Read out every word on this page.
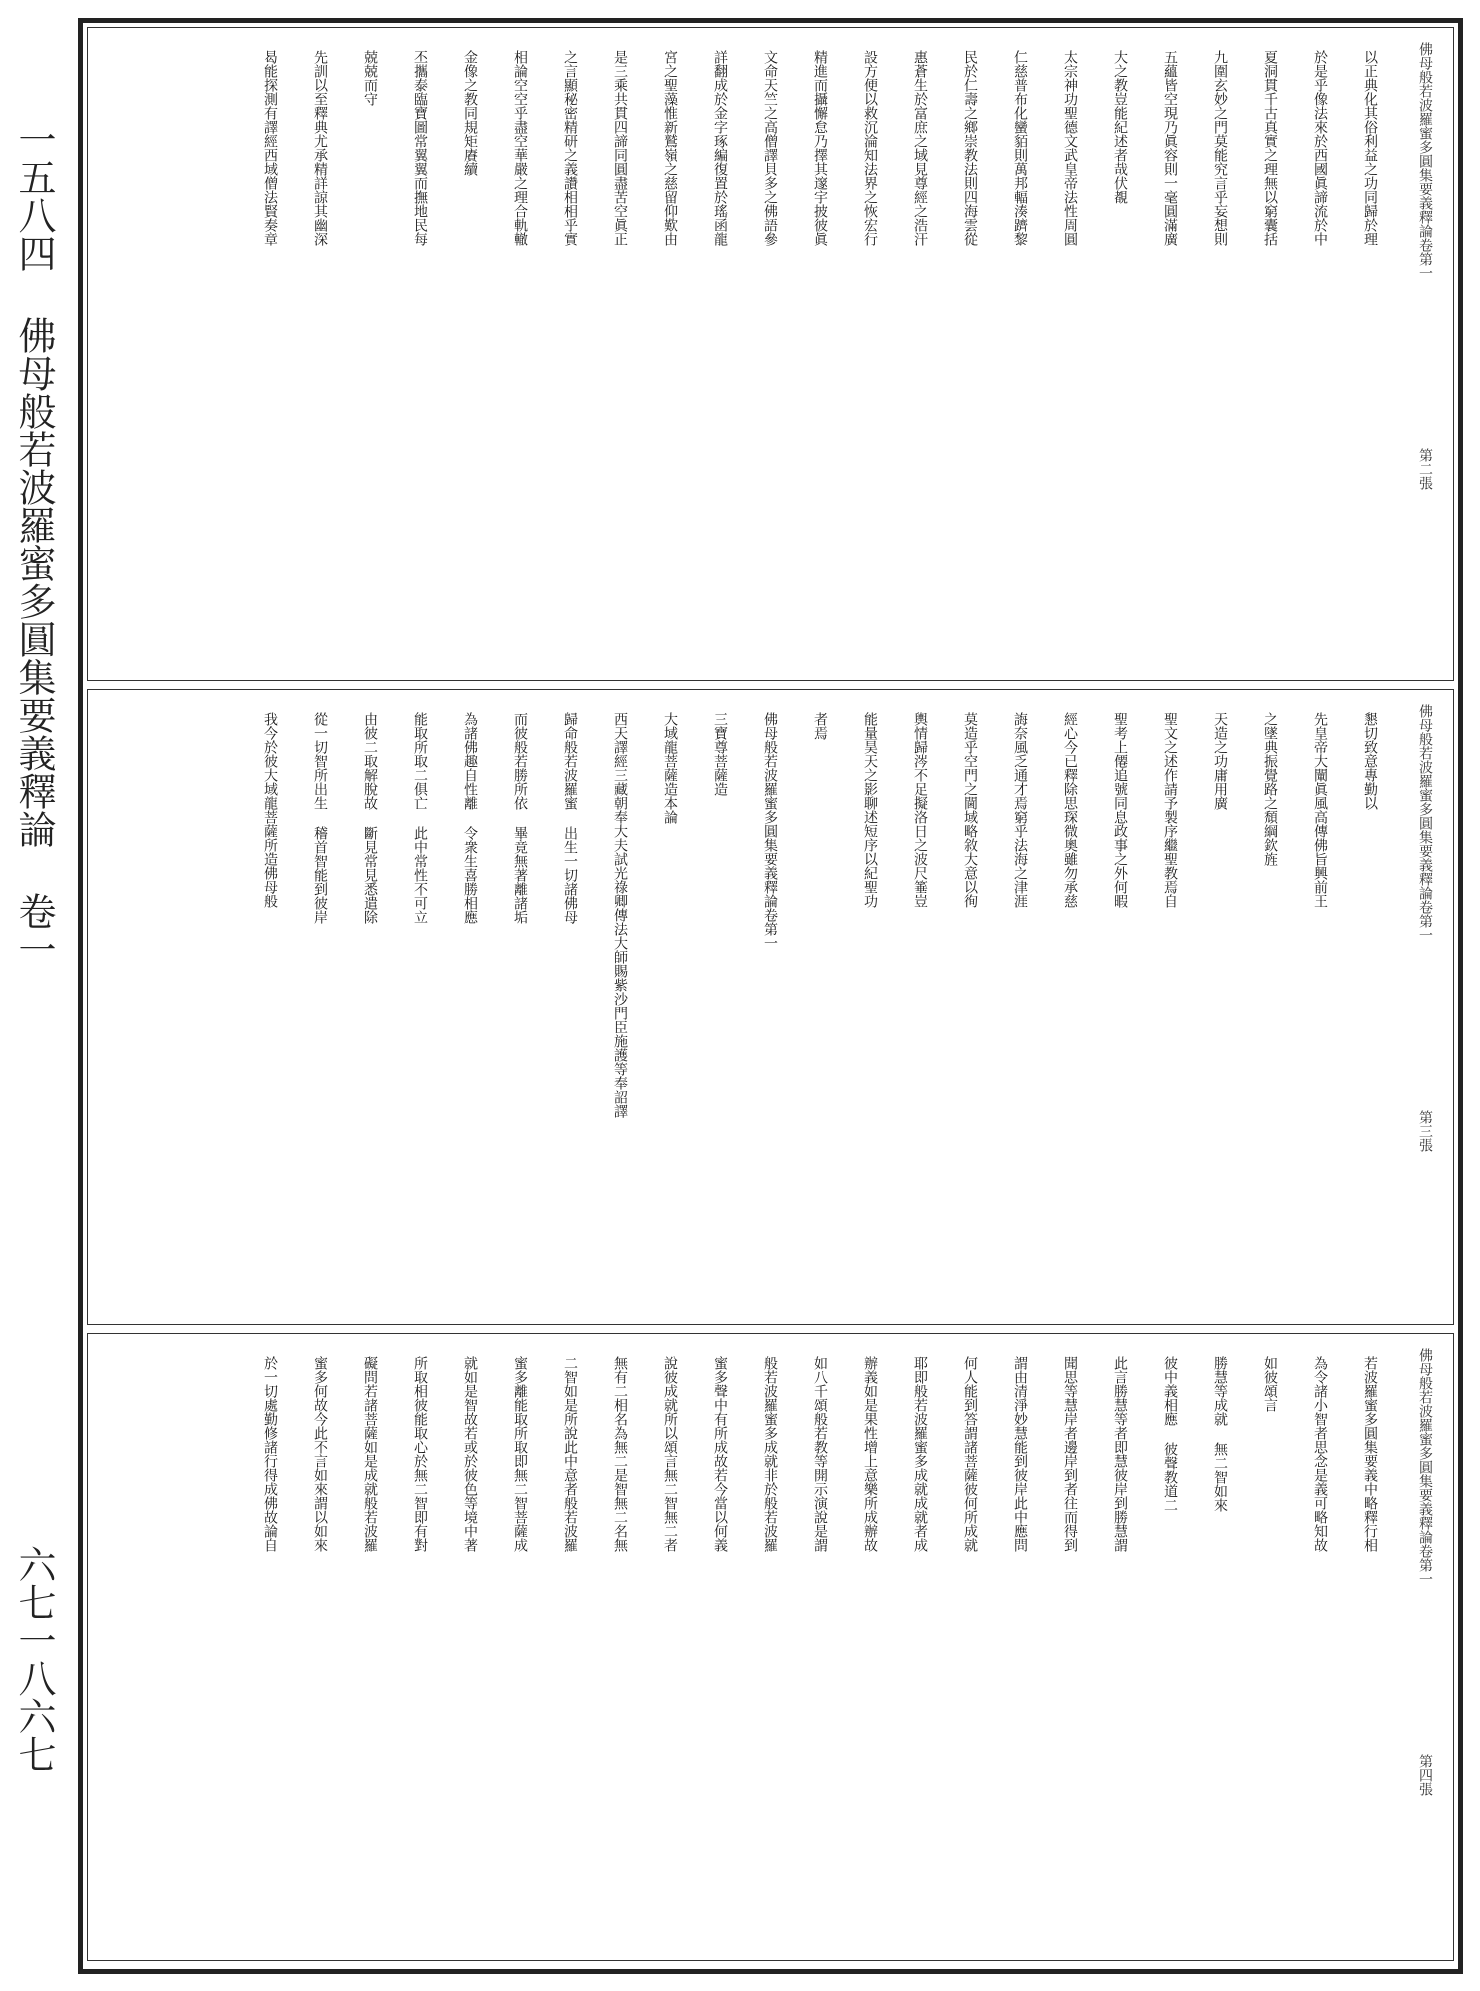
一五八四 佛母般若波羅蜜多圓集要義釋論 卷一
六七一八六七
佛母般若波羅蜜多圓集要義釋論卷第一
第二張
以正典化其俗利益之功同歸於理
於是乎像法來於西國眞諦流於中
夏洞貫千古真實之理無以窮囊括
九圍玄妙之門莫能究言乎妄想則
五蘊皆空現乃眞容則一毫圓滿廣
大之教豈能紀述者哉伏覩
太宗神功聖德文武皇帝法性周圓
仁慈普布化蠻貊則萬邦輻湊躋黎
民於仁壽之鄉崇教法則四海雲從
惠蒼生於富庶之域見尊經之浩汗
設方便以救沉淪知法界之恢宏行
精進而攝懈怠乃擇其邃宇披彼眞
文命天竺之高僧譯貝多之佛語參
詳翻成於金字琢編復置於瑤函龍
宮之聖藻惟新鷲嶺之慈留仰歎由
是三乘共貫四諦同圓盡苦空眞正
之言顯秘密精研之義讚相相乎實
相論空空乎盡空華嚴之理合軌轍
金像之教同規矩賡續
丕攜泰臨寶圖常翼翼而撫地民每
兢兢而守
先訓以至釋典尤承精詳諒其幽深
曷能探測有譯經西域僧法賢奏章
佛母般若波羅蜜多圓集要義釋論卷第一
第三張
懇切致意專勤以
先皇帝大闡眞風高傳佛旨興前王
之墜典振覺路之頹綱欽旌
天造之功庸用廣
聖文之述作請予製序繼聖教焉自
聖考上僊追號同息政事之外何暇
經心今已釋除思琛微奧雖勿承慈
誨奈風乏通才焉窮乎法海之津涯
莫造乎空門之閫域略敘大意以徇
輿情歸涔不足擬洛日之波尺箠豈
能量昊天之影聊述短序以紀聖功
者焉
佛母般若波羅蜜多圓集要義釋論卷第一
三寶尊菩薩造
大域龍菩薩造本論
西天譯經三藏朝奉大夫試光祿卿傳法大師賜紫沙門臣施護等奉詔譯
歸命般若波羅蜜 出生一切諸佛母
而彼般若勝所依 畢竟無著離諸垢
為諸佛趣自性離 令衆生喜勝相應
能取所取二俱亡 此中常性不可立
由彼二取解脫故 斷見常見悉遣除
從一切智所出生 稽首智能到彼岸
我今於彼大域龍菩薩所造佛母般
佛母般若波羅蜜多圓集要義釋論卷第一
第四張
若波羅蜜多圓集要義中略釋行相
為令諸小智者思念是義可略知故
如彼頌言
勝慧等成就 無二智如來
彼中義相應 彼聲教道二
此言勝慧等者即慧彼岸到勝慧謂
聞思等慧岸者邊岸到者往而得到
謂由清淨妙慧能到彼岸此中應問
何人能到答謂諸菩薩彼何所成就
耶即般若波羅蜜多成就成就者成
辦義如是果性增上意樂所成辦故
如八千頌般若教等開示演說是謂
般若波羅蜜多成就非於般若波羅
蜜多聲中有所成故若今當以何義
說彼成就所以頌言無二智無二者
無有二相名為無二是智無二名無
二智如是所說此中意者般若波羅
蜜多離能取所取即無二智菩薩成
就如是智故若或於彼色等境中著
所取相彼能取心於無二智即有對
礙問若諸菩薩如是成就般若波羅
蜜多何故今此不言如來謂以如來
於一切處勤修諸行得成佛故論自
